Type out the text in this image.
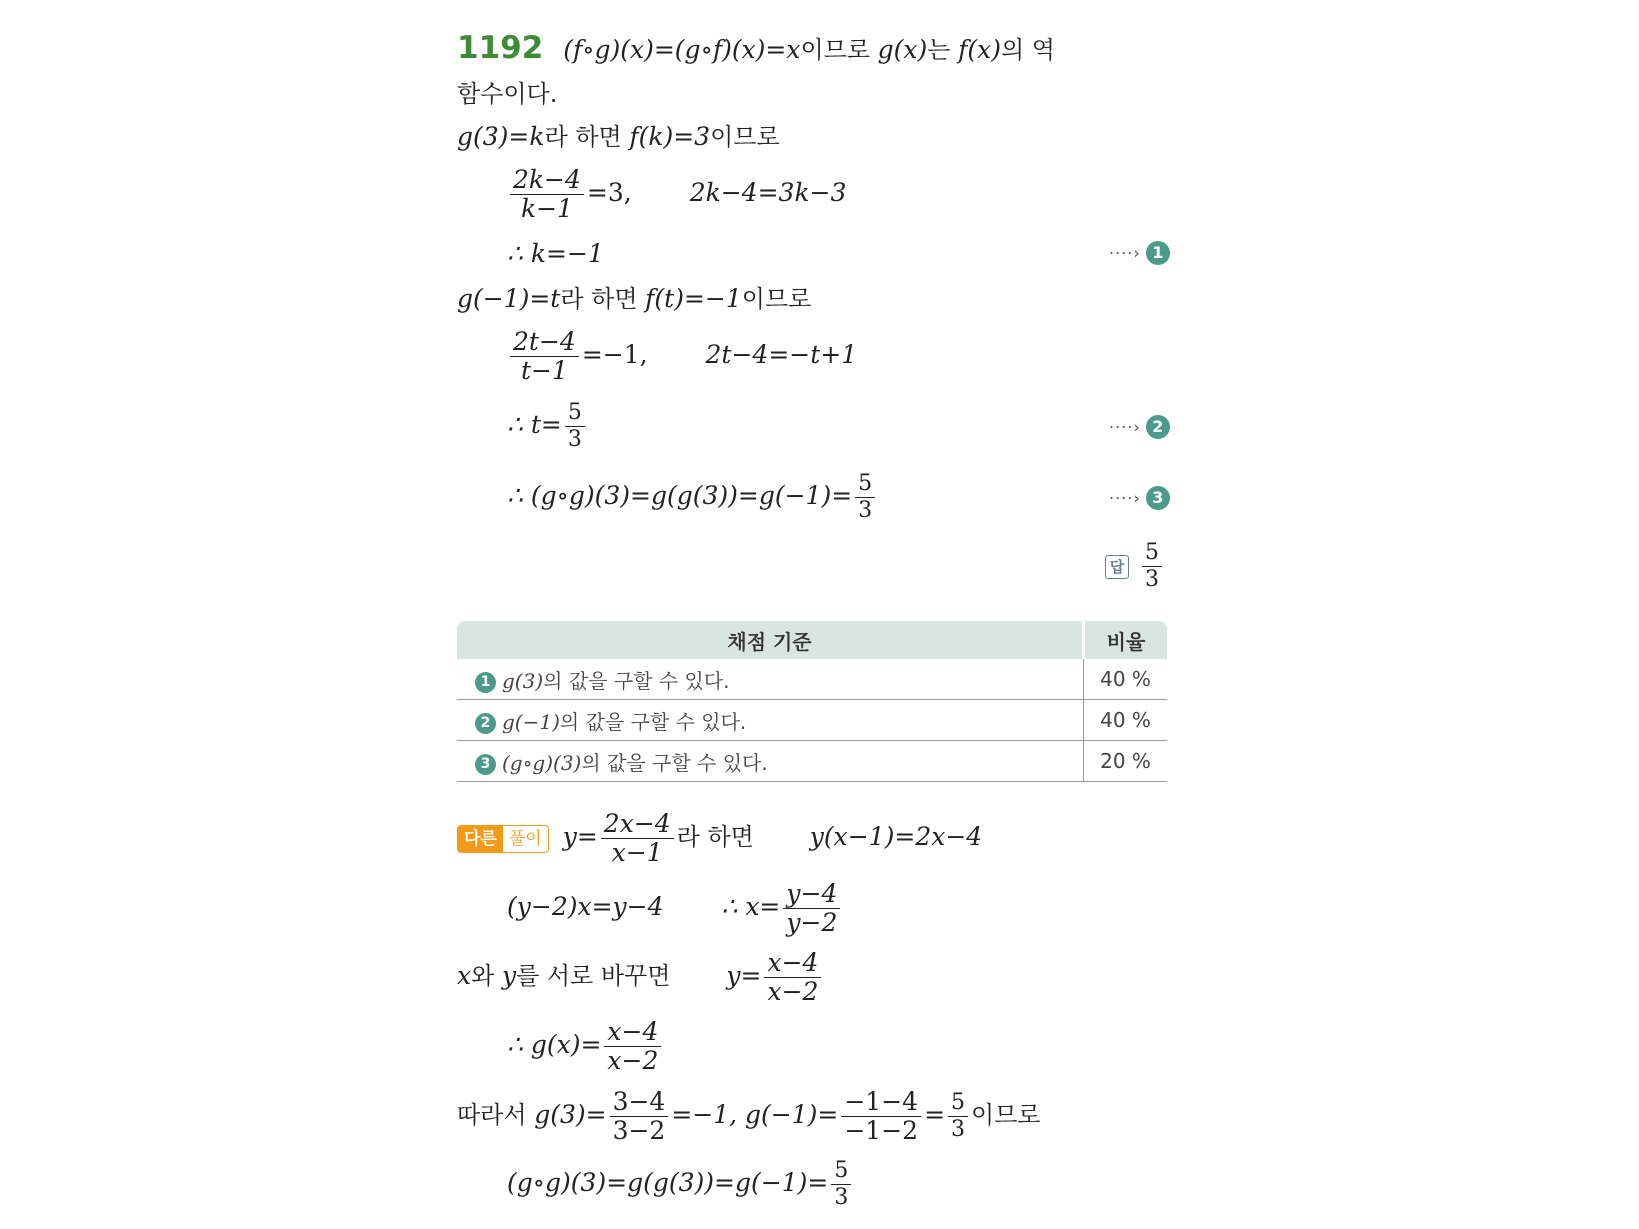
1192 (f∘g)(x)=(g∘f)(x)=x이므로 g(x)는 f(x)의 역
함수이다.
g(3)=k라 하면 f(k)=3이므로
$\frac{2k-4}{k-1} =3$, 2k−4=3k−3
∴ k=−1	····› 1
g(−1)=t라 하면 f(t)=−1이므로
$\frac{2t-4}{t-1} =-1$, 2t−4=−t+1
∴ $t= \frac{5}{3}$	····› 2
∴ (g∘g)(3)=g(g(3))=g(−1)= $\frac{5}{3}$	····› 3
답 $\frac{5}{3}$
채점 기준	비율
1 g(3)의 값을 구할 수 있다.	40 %
2 g(−1)의 값을 구할 수 있다.	40 %
3 (g∘g)(3)의 값을 구할 수 있다.	20 %
다른 풀이 $y= \frac{2x-4}{x-1}$ 라 하면 y(x−1)=2x−4
(y−2)x=y−4 ∴ $x= \frac{y-4}{y-2}$
x와 y를 서로 바꾸면 $y= \frac{x-4}{x-2}$
∴ $g(x)= \frac{x-4}{x-2}$
따라서 $g(3)= \frac{3-4}{3-2} =-1$, $g(-1)= \frac{-1-4}{-1-2} = \frac{5}{3}$ 이므로
(g∘g)(3)=g(g(3))=g(−1)= $\frac{5}{3}$
